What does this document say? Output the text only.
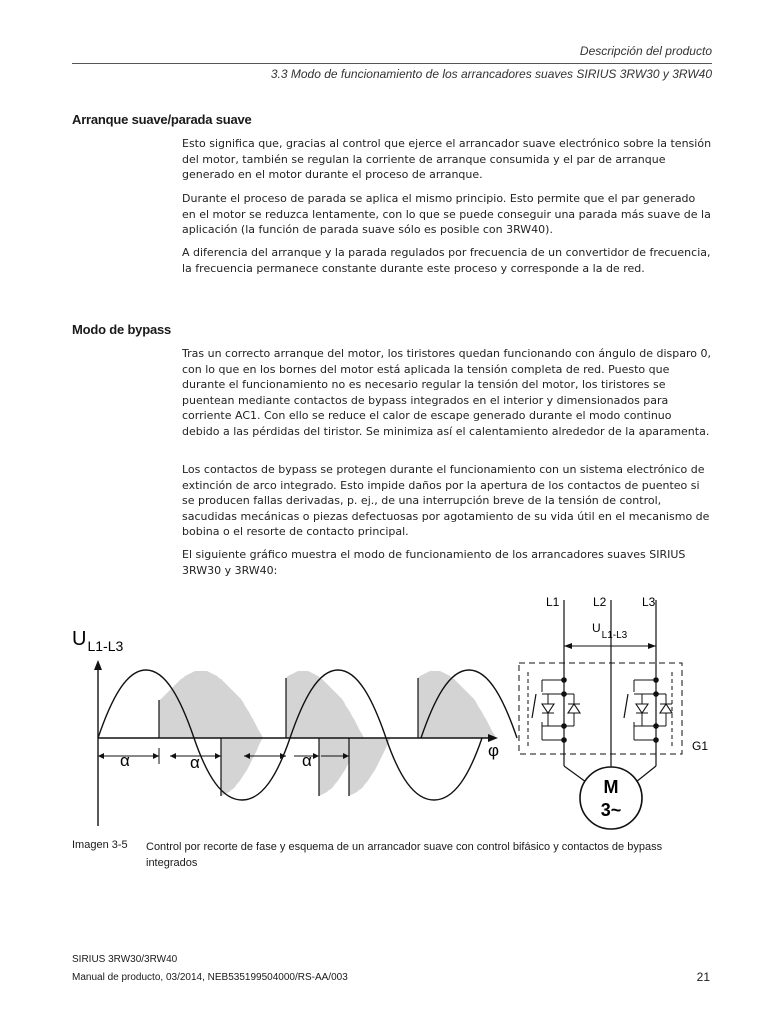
Descripción del producto
3.3 Modo de funcionamiento de los arrancadores suaves SIRIUS 3RW30 y 3RW40
Arranque suave/parada suave

Esto significa que, gracias al control que ejerce el arrancador suave electrónico sobre la tensión del motor, también se regulan la corriente de arranque consumida y el par de arranque generado en el motor durante el proceso de arranque.

Durante el proceso de parada se aplica el mismo principio. Esto permite que el par generado en el motor se reduzca lentamente, con lo que se puede conseguir una parada más suave de la aplicación (la función de parada suave sólo es posible con 3RW40).

A diferencia del arranque y la parada regulados por frecuencia de un convertidor de frecuencia, la frecuencia permanece constante durante este proceso y corresponde a la de red.

Modo de bypass

Tras un correcto arranque del motor, los tiristores quedan funcionando con ángulo de disparo 0, con lo que en los bornes del motor está aplicada la tensión completa de red. Puesto que durante el funcionamiento no es necesario regular la tensión del motor, los tiristores se puentean mediante contactos de bypass integrados en el interior y dimensionados para corriente AC1. Con ello se reduce el calor de escape generado durante el modo continuo debido a las pérdidas del tiristor. Se minimiza así el calentamiento alrededor de la aparamenta.

Los contactos de bypass se protegen durante el funcionamiento con un sistema electrónico de extinción de arco integrado. Esto impide daños por la apertura de los contactos de puenteo si se producen fallas derivadas, p. ej., de una interrupción breve de la tensión de control, sacudidas mecánicas o piezas defectuosas por agotamiento de su vida útil en el mecanismo de bobina o el resorte de contacto principal.

El siguiente gráfico muestra el modo de funcionamiento de los arrancadores suaves SIRIUS 3RW30 y 3RW40:

$U_{L1-L3}$
φ
α	α	α
L1	L2	L3
$U_{L1-L3}$
G1
M
3~
Imagen 3-5 Control por recorte de fase y esquema de un arrancador suave con control bifásico y contactos de bypass integrados
SIRIUS 3RW30/3RW40
Manual de producto, 03/2014, NEB535199504000/RS-AA/003	21
